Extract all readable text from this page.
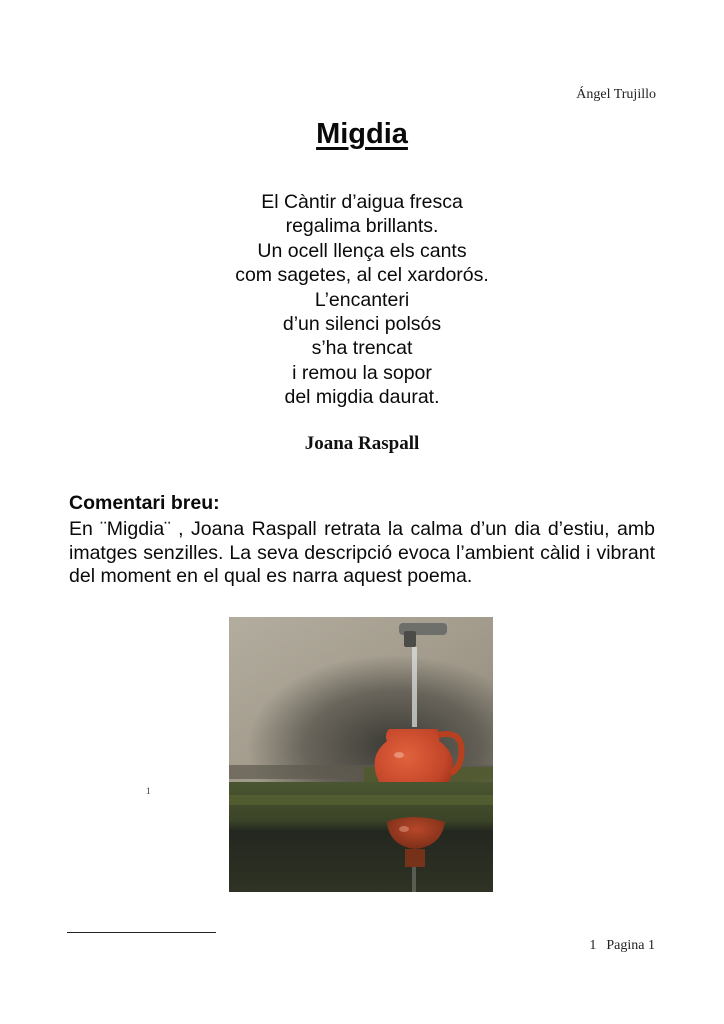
Ángel Trujillo
Migdia
El Càntir d’aigua fresca
regalima brillants.
Un ocell llença els cants
com sagetes, al cel xardorós.
L’encanteri
d’un silenci polsós
s’ha trencat
i remou la sopor
del migdia daurat.
Joana Raspall
Comentari breu:
En ¨Migdia¨ , Joana Raspall retrata la calma d’un dia d’estiu, amb imatges senzilles. La seva descripció evoca l’ambient càlid i vibrant del moment en el qual es narra aquest poema.
1
1 Pagina 1
